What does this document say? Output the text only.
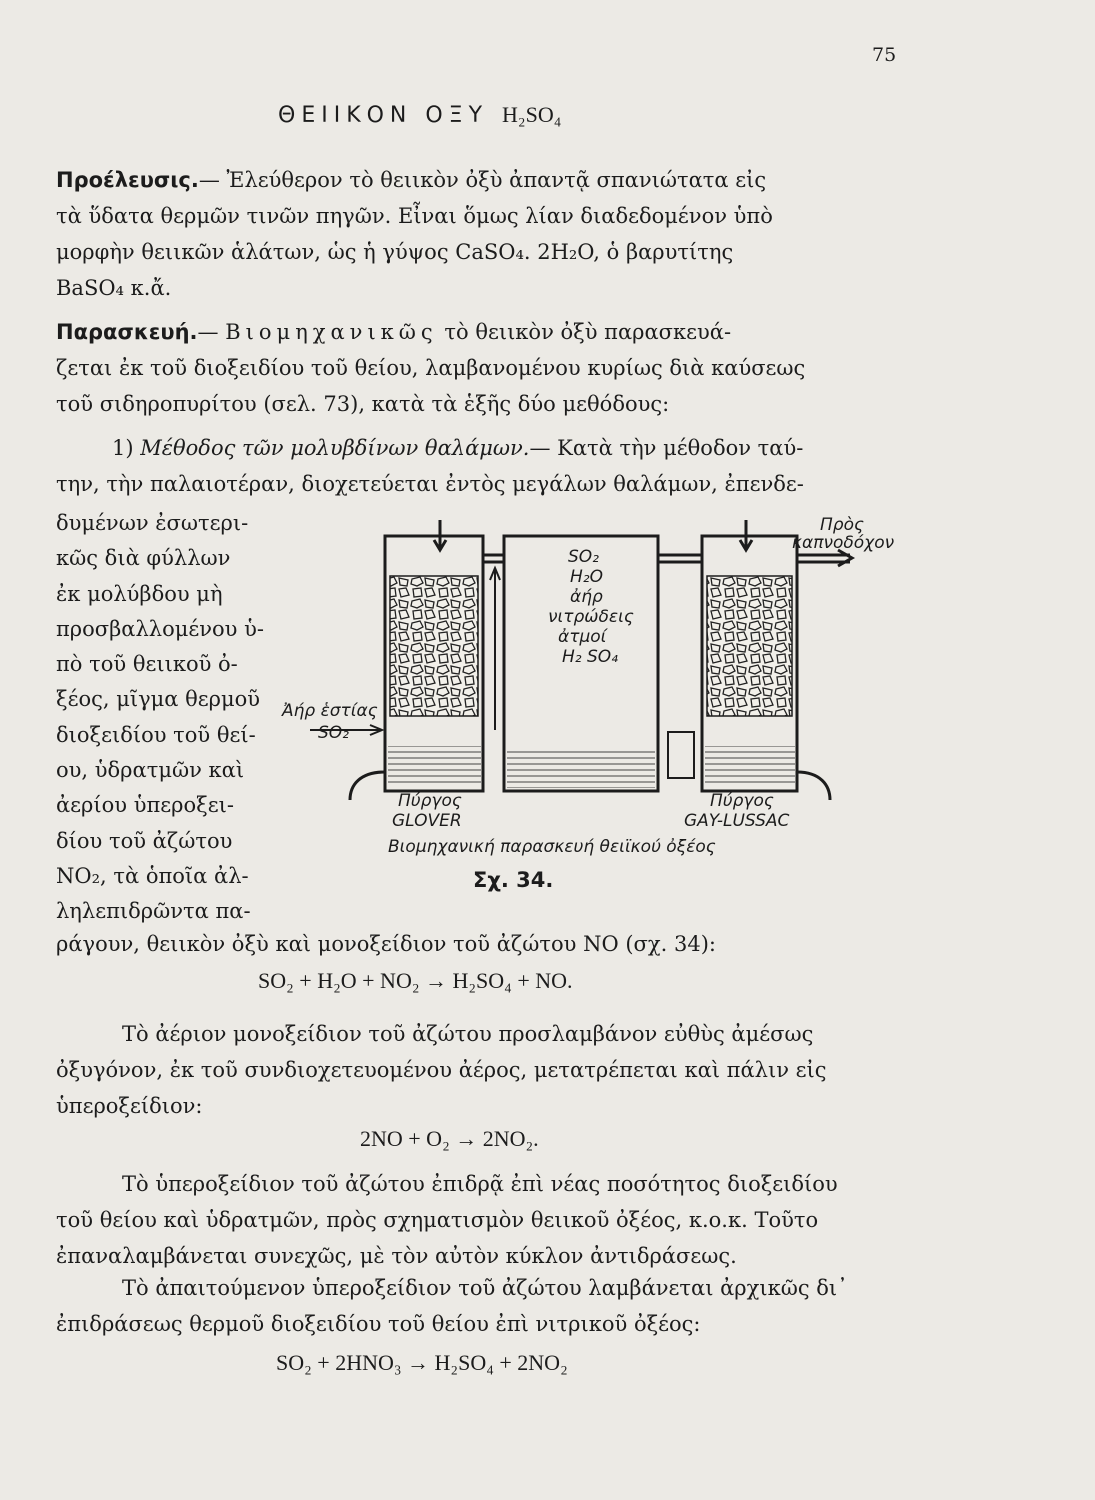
75
ΘΕΙΙΚΟΝ ΟΞΥ H₂SO₄
Προέλευσις.— Ἐλεύθερον τὸ θειικὸν ὀξὺ ἀπαντᾷ σπανιώτατα εἰς
τὰ ὕδατα θερμῶν τινῶν πηγῶν. Εἶναι ὅμως λίαν διαδεδομένον ὑπὸ
μορφὴν θειικῶν ἁλάτων, ὡς ἡ γύψος CaSO₄. 2H₂O, ὁ βαρυτίτης
BaSO₄ κ.ἄ.
Παρασκευή.— Βιομηχανικῶς τὸ θειικὸν ὀξὺ παρασκευά-
ζεται ἐκ τοῦ διοξειδίου τοῦ θείου, λαμβανομένου κυρίως διὰ καύσεως
τοῦ σιδηροπυρίτου (σελ. 73), κατὰ τὰ ἑξῆς δύο μεθόδους:
1) Μέθοδος τῶν μολυβδίνων θαλάμων.— Κατὰ τὴν μέθοδον ταύ-
την, τὴν παλαιοτέραν, διοχετεύεται ἐντὸς μεγάλων θαλάμων, ἐπενδε-
δυμένων ἐσωτερι-
κῶς διὰ φύλλων
ἐκ μολύβδου μὴ
προσβαλλομένου ὑ-
πὸ τοῦ θειικοῦ ὀ-
ξέος, μῖγμα θερμοῦ
διοξειδίου τοῦ θεί-
ου, ὑδρατμῶν καὶ
ἀερίου ὑπεροξει-
δίου τοῦ ἀζώτου
NO₂, τὰ ὁποῖα ἀλ-
ληλεπιδρῶντα πα-
Πρὸς
καπνοδόχον
SO₂
H₂O
ἀήρ
νιτρώδεις
ἀτμοί
H₂ SO₄
Ἀήρ ἑστίας
SO₂
Πύργος
GLOVER
Πύργος
GAY-LUSSAC
Βιομηχανική παρασκευή θειϊκού ὀξέος
Σχ. 34.
ράγουν, θειικὸν ὀξὺ καὶ μονοξείδιον τοῦ ἀζώτου NO (σχ. 34):
SO₂ + H₂O + NO₂ → H₂SO₄ + NO.
Τὸ ἀέριον μονοξείδιον τοῦ ἀζώτου προσλαμβάνον εὐθὺς ἀμέσως
ὀξυγόνον, ἐκ τοῦ συνδιοχετευομένου ἀέρος, μετατρέπεται καὶ πάλιν εἰς
ὑπεροξείδιον:
2NO + O₂ → 2NO₂.
Τὸ ὑπεροξείδιον τοῦ ἀζώτου ἐπιδρᾷ ἐπὶ νέας ποσότητος διοξειδίου
τοῦ θείου καὶ ὑδρατμῶν, πρὸς σχηματισμὸν θειικοῦ ὀξέος, κ.ο.κ. Τοῦτο
ἐπαναλαμβάνεται συνεχῶς, μὲ τὸν αὐτὸν κύκλον ἀντιδράσεως.
Τὸ ἀπαιτούμενον ὑπεροξείδιον τοῦ ἀζώτου λαμβάνεται ἀρχικῶς δι᾽
ἐπιδράσεως θερμοῦ διοξειδίου τοῦ θείου ἐπὶ νιτρικοῦ ὀξέος:
SO₂ + 2HNO₃ → H₂SO₄ + 2NO₂
